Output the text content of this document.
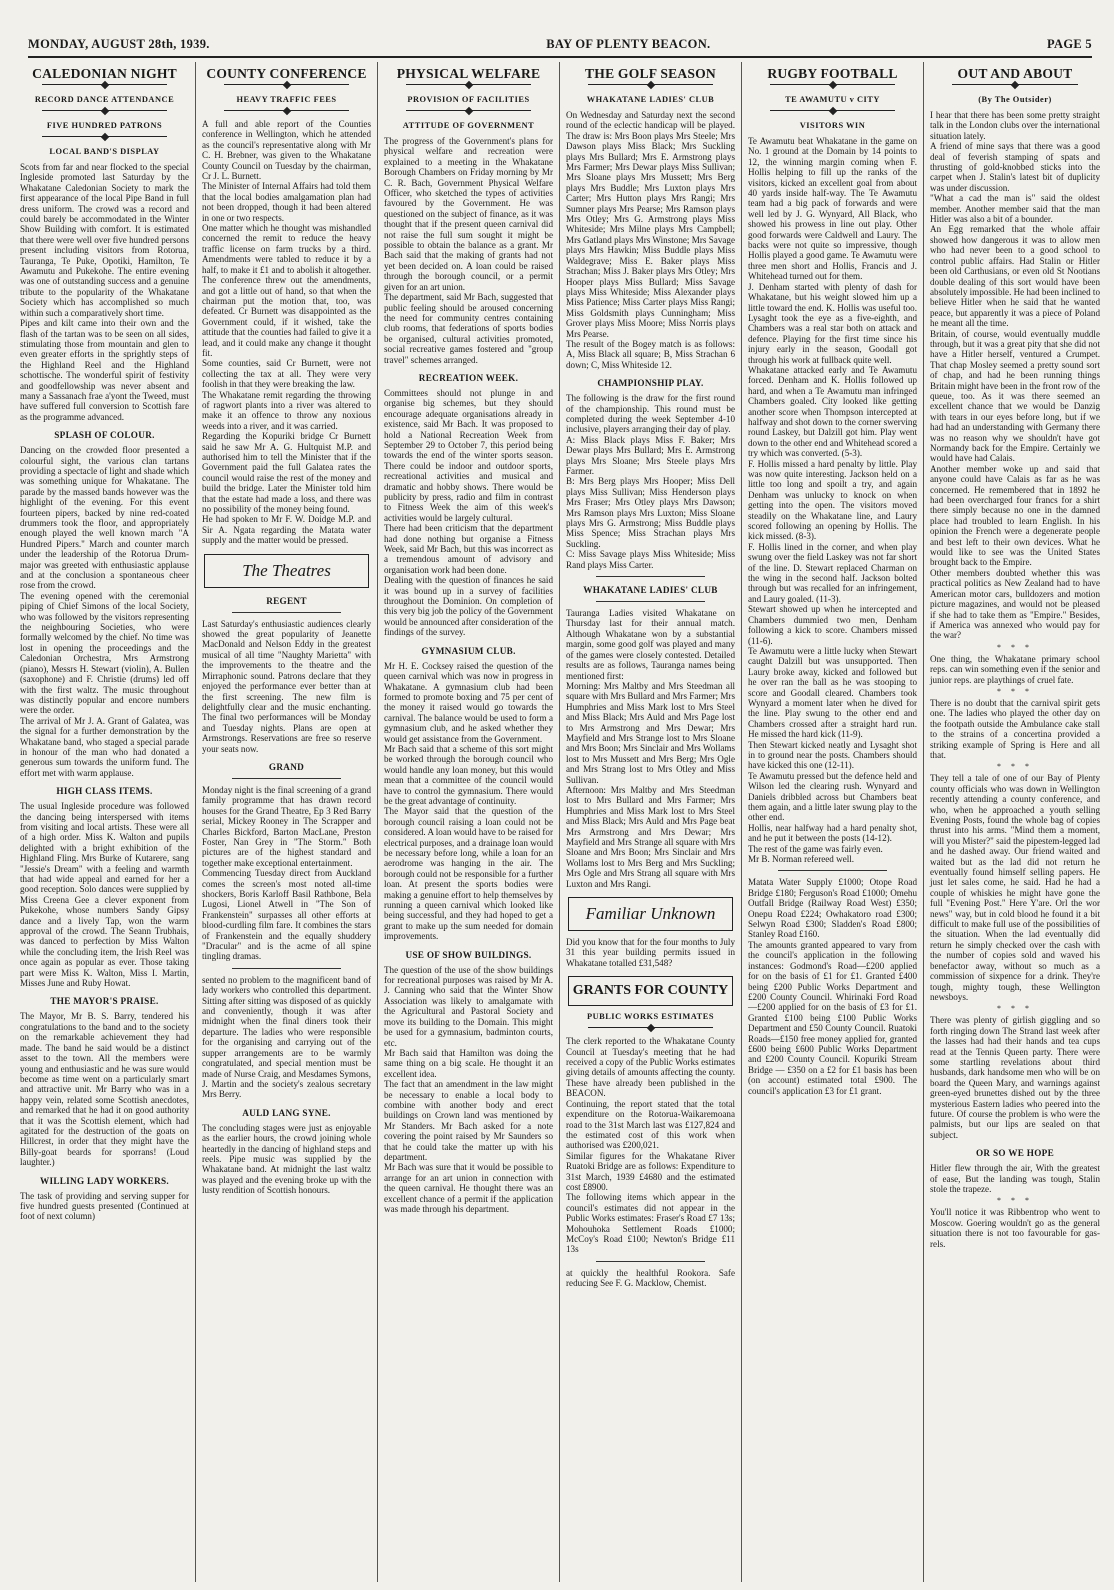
MONDAY, AUGUST 28th, 1939.	BAY OF PLENTY BEACON.	PAGE 5
CALEDONIAN NIGHT
RECORD DANCE ATTENDANCE
FIVE HUNDRED PATRONS
LOCAL BAND'S DISPLAY

Scots from far and near flocked to the special Ingleside promoted last Saturday by the Whakatane Caledonian Society to mark the first appearance of the local Pipe Band in full dress uniform. The crowd was a record and could barely be accommodated in the Winter Show Building with comfort. It is estimated that there were well over five hundred persons present including visitors from Rotorua, Tauranga, Te Puke, Opotiki, Hamilton, Te Awamutu and Pukekohe. The entire evening was one of outstanding success and a genuine tribute to the popularity of the Whakatane Society which has accomplished so much within such a comparatively short time.

Pipes and kilt came into their own and the flash of the tartan was to be seen on all sides, stimulating those from mountain and glen to even greater efforts in the sprightly steps of the Highland Reel and the Highland schottische. The wonderful spirit of festivity and goodfellowship was never absent and many a Sassanach frae a'yont the Tweed, must have suffered full conversion to Scottish fare as the programme advanced.

SPLASH OF COLOUR.

Dancing on the crowded floor presented a colourful sight, the various clan tartans providing a spectacle of light and shade which was something unique for Whakatane. The parade by the massed bands however was the highlight of the evening. For this event fourteen pipers, backed by nine red-coated drummers took the floor, and appropriately enough played the well known march "A Hundred Pipers." March and counter march under the leadership of the Rotorua Drum-major was greeted with enthusiastic applause and at the conclusion a spontaneous cheer rose from the crowd.

The evening opened with the ceremonial piping of Chief Simons of the local Society, who was followed by the visitors representing the neighbouring Societies, who were formally welcomed by the chief. No time was lost in opening the proceedings and the Caledonian Orchestra, Mrs Armstrong (piano), Messrs H. Stewart (violin), A. Bullen (saxophone) and F. Christie (drums) led off with the first waltz. The music throughout was distinctly popular and encore numbers were the order.

The arrival of Mr J. A. Grant of Galatea, was the signal for a further demonstration by the Whakatane band, who staged a special parade in honour of the man who had donated a generous sum towards the uniform fund. The effort met with warm applause.

HIGH CLASS ITEMS.

The usual Ingleside procedure was followed the dancing being interspersed with items from visiting and local artists. These were all of a high order. Miss K. Walton and pupils delighted with a bright exhibition of the Highland Fling. Mrs Burke of Kutarere, sang "Jessie's Dream" with a feeling and warmth that had wide appeal and earned for her a good reception. Solo dances were supplied by Miss Creena Gee a clever exponent from Pukekohe, whose numbers Sandy Gipsy dance and a lively Tap, won the warm approval of the crowd. The Seann Trubhais, was danced to perfection by Miss Walton while the concluding item, the Irish Reel was once again as popular as ever. Those taking part were Miss K. Walton, Miss I. Martin, Misses June and Ruby Howat.

THE MAYOR'S PRAISE.

The Mayor, Mr B. S. Barry, tendered his congratulations to the band and to the society on the remarkable achievement they had made. The band he said would be a distinct asset to the town. All the members were young and enthusiastic and he was sure would become as time went on a particularly smart and attractive unit. Mr Barry who was in a happy vein, related some Scottish anecdotes, and remarked that he had it on good authority that it was the Scottish element, which had agitated for the destruction of the goats on Hillcrest, in order that they might have the Billy-goat beards for sporrans! (Loud laughter.)

WILLING LADY WORKERS.

The task of providing and serving supper for five hundred guests presented (Continued at foot of next column)

COUNTY CONFERENCE
HEAVY TRAFFIC FEES

A full and able report of the Counties conference in Wellington, which he attended as the council's representative along with Mr C. H. Brebner, was given to the Whakatane County Council on Tuesday by the chairman, Cr J. L. Burnett.

The Minister of Internal Affairs had told them that the local bodies amalgamation plan had not been dropped, though it had been altered in one or two respects.

One matter which he thought was mishandled concerned the remit to reduce the heavy traffic license on farm trucks by a third. Amendments were tabled to reduce it by a half, to make it £1 and to abolish it altogether. The conference threw out the amendments, and got a little out of hand, so that when the chairman put the motion that, too, was defeated. Cr Burnett was disappointed as the Government could, if it wished, take the attitude that the counties had failed to give it a lead, and it could make any change it thought fit.

Some counties, said Cr Burnett, were not collecting the tax at all. They were very foolish in that they were breaking the law.

The Whakatane remit regarding the throwing of ragwort plants into a river was altered to make it an offence to throw any noxious weeds into a river, and it was carried.

Regarding the Kopuriki bridge Cr Burnett said he saw Mr A. G. Hultquist M.P. and authorised him to tell the Minister that if the Government paid the full Galatea rates the council would raise the rest of the money and build the bridge. Later the Minister told him that the estate had made a loss, and there was no possibility of the money being found.

He had spoken to Mr F. W. Doidge M.P. and Sir A. Ngata regarding the Matata water supply and the matter would be pressed.

The Theatres
REGENT

Last Saturday's enthusiastic audiences clearly showed the great popularity of Jeanette MacDonald and Nelson Eddy in the greatest musical of all time "Naughty Marietta" with the improvements to the theatre and the Mirraphonic sound. Patrons declare that they enjoyed the performance ever better than at the first screening. The new film is delightfully clear and the music enchanting. The final two performances will be Monday and Tuesday nights. Plans are open at Armstrongs. Reservations are free so reserve your seats now.

GRAND

Monday night is the final screening of a grand family programme that has drawn record houses for the Grand Theatre, Ep 3 Red Barry serial, Mickey Rooney in The Scrapper and Charles Bickford, Barton MacLane, Preston Foster, Nan Grey in "The Storm." Both pictures are of the highest standard and together make exceptional entertainment.

Commencing Tuesday direct from Auckland comes the screen's most noted all-time shockers, Boris Karloff Basil Rathbone, Bela Lugosi, Lionel Atwell in "The Son of Frankenstein" surpasses all other efforts at blood-curdling film fare. It combines the stars of Frankenstein and the equally shuddery "Dracular" and is the acme of all spine tingling dramas.

sented no problem to the magnificent band of lady workers who controlled this department. Sitting after sitting was disposed of as quickly and conveniently, though it was after midnight when the final diners took their departure. The ladies who were responsible for the organising and carrying out of the supper arrangements are to be warmly congratulated, and special mention must be made of Nurse Craig, and Mesdames Symons, J. Martin and the society's zealous secretary Mrs Berry.

AULD LANG SYNE.

The concluding stages were just as enjoyable as the earlier hours, the crowd joining whole heartedly in the dancing of highland steps and reels. Pipe music was supplied by the Whakatane band. At midnight the last waltz was played and the evening broke up with the lusty rendition of Scottish honours.

PHYSICAL WELFARE
PROVISION OF FACILITIES
ATTITUDE OF GOVERNMENT

The progress of the Government's plans for physical welfare and recreation were explained to a meeting in the Whakatane Borough Chambers on Friday morning by Mr C. R. Bach, Government Physical Welfare Officer, who sketched the types of activities favoured by the Government. He was questioned on the subject of finance, as it was thought that if the present queen carnival did not raise the full sum sought it might be possible to obtain the balance as a grant. Mr Bach said that the making of grants had not yet been decided on. A loan could be raised through the borough council, or a permit given for an art union.

The department, said Mr Bach, suggested that public feeling should be aroused concerning the need for community centres containing club rooms, that federations of sports bodies be organised, cultural activities promoted, social recreative games fostered and "group travel" schemes arranged.

RECREATION WEEK.

Committees should not plunge in and organise big schemes, but they should encourage adequate organisations already in existence, said Mr Bach. It was proposed to hold a National Recreation Week from September 29 to October 7, this period being towards the end of the winter sports season. There could be indoor and outdoor sports, recreational activities and musical and dramatic and hobby shows. There would be publicity by press, radio and film in contrast to Fitness Week the aim of this week's activities would be largely cultural.

There had been criticism that the department had done nothing but organise a Fitness Week, said Mr Bach, but this was incorrect as a tremendous amount of advisory and organisation work had been done.

Dealing with the question of finances he said it was bound up in a survey of facilities throughout the Dominion. On completion of this very big job the policy of the Government would be announced after consideration of the findings of the survey.

GYMNASIUM CLUB.

Mr H. E. Cocksey raised the question of the queen carnival which was now in progress in Whakatane. A gymnasium club had been formed to promote boxing and 75 per cent of the money it raised would go towards the carnival. The balance would be used to form a gymnasium club, and he asked whether they would get assistance from the Government.

Mr Bach said that a scheme of this sort might be worked through the borough council who would handle any loan money, but this would mean that a committee of the council would have to control the gymnasium. There would be the great advantage of continuity.

The Mayor said that the question of the borough council raising a loan could not be considered. A loan would have to be raised for electrical purposes, and a drainage loan would be necessary before long, while a loan for an aerodrome was hanging in the air. The borough could not be responsible for a further loan. At present the sports bodies were making a genuine effort to help themselves by running a queen carnival which looked like being successful, and they had hoped to get a grant to make up the sum needed for domain improvements.

USE OF SHOW BUILDINGS.

The question of the use of the show buildings for recreational purposes was raised by Mr A. J. Canning who said that the Winter Show Association was likely to amalgamate with the Agricultural and Pastoral Society and move its building to the Domain. This might be used for a gymnasium, badminton courts, etc.

Mr Bach said that Hamilton was doing the same thing on a big scale. He thought it an excellent idea.

The fact that an amendment in the law might be necessary to enable a local body to combine with another body and erect buildings on Crown land was mentioned by Mr Standers. Mr Bach asked for a note covering the point raised by Mr Saunders so that he could take the matter up with his department.

Mr Bach was sure that it would be possible to arrange for an art union in connection with the queen carnival. He thought there was an excellent chance of a permit if the application was made through his department.

THE GOLF SEASON
WHAKATANE LADIES' CLUB

On Wednesday and Saturday next the second round of the eclectic handicap will be played. The draw is: Mrs Boon plays Mrs Steele; Mrs Dawson plays Miss Black; Mrs Suckling plays Mrs Bullard; Mrs E. Armstrong plays Mrs Farmer; Mrs Dewar plays Miss Sullivan; Mrs Sloane plays Mrs Mussett; Mrs Berg plays Mrs Buddle; Mrs Luxton plays Mrs Carter; Mrs Hutton plays Mrs Rangi; Mrs Sumner plays Mrs Pearse; Mrs Ramson plays Mrs Otley; Mrs G. Armstrong plays Miss Whiteside; Mrs Milne plays Mrs Campbell; Mrs Gatland plays Mrs Winstone; Mrs Savage plays Mrs Hawkin; Miss Buddle plays Miss Waldegrave; Miss E. Baker plays Miss Strachan; Miss J. Baker plays Mrs Otley; Mrs Hooper plays Miss Bullard; Miss Savage plays Miss Whiteside; Miss Alexander plays Miss Patience; Miss Carter plays Miss Rangi; Miss Goldsmith plays Cunningham; Miss Grover plays Miss Moore; Miss Norris plays Mrs Pearse.

The result of the Bogey match is as follows: A, Miss Black all square; B, Miss Strachan 6 down; C, Miss Whiteside 12.

CHAMPIONSHIP PLAY.

The following is the draw for the first round of the championship. This round must be completed during the week September 4-10 inclusive, players arranging their day of play.

A: Miss Black plays Miss F. Baker; Mrs Dewar plays Mrs Bullard; Mrs E. Armstrong plays Mrs Sloane; Mrs Steele plays Mrs Farmer.

B: Mrs Berg plays Mrs Hooper; Miss Dell plays Miss Sullivan; Miss Henderson plays Mrs Fraser; Mrs Otley plays Mrs Dawson; Mrs Ramson plays Mrs Luxton; Miss Sloane plays Mrs G. Armstrong; Miss Buddle plays Miss Spence; Miss Strachan plays Mrs Suckling.

C: Miss Savage plays Miss Whiteside; Miss Rand plays Miss Carter.

WHAKATANE LADIES' CLUB

Tauranga Ladies visited Whakatane on Thursday last for their annual match. Although Whakatane won by a substantial margin, some good golf was played and many of the games were closely contested. Detailed results are as follows, Tauranga names being mentioned first:

Morning: Mrs Maltby and Mrs Steedman all square with Mrs Bullard and Mrs Farmer; Mrs Humphries and Miss Mark lost to Mrs Steel and Miss Black; Mrs Auld and Mrs Page lost to Mrs Armstrong and Mrs Dewar; Mrs Mayfield and Mrs Strange lost to Mrs Sloane and Mrs Boon; Mrs Sinclair and Mrs Wollams lost to Mrs Mussett and Mrs Berg; Mrs Ogle and Mrs Strang lost to Mrs Otley and Miss Sullivan.

Afternoon: Mrs Maltby and Mrs Steedman lost to Mrs Bullard and Mrs Farmer; Mrs Humphries and Miss Mark lost to Mrs Steel and Miss Black; Mrs Auld and Mrs Page beat Mrs Armstrong and Mrs Dewar; Mrs Mayfield and Mrs Strange all square with Mrs Sloane and Mrs Boon; Mrs Sinclair and Mrs Wollams lost to Mrs Berg and Mrs Suckling; Mrs Ogle and Mrs Strang all square with Mrs Luxton and Mrs Rangi.

Familiar Unknown

Did you know that for the four months to July 31 this year building permits issued in Whakatane totalled £31,548?

GRANTS FOR COUNTY
PUBLIC WORKS ESTIMATES

The clerk reported to the Whakatane County Council at Tuesday's meeting that he had received a copy of the Public Works estimates giving details of amounts affecting the county. These have already been published in the BEACON.

Continuing, the report stated that the total expenditure on the Rotorua-Waikaremoana road to the 31st March last was £127,824 and the estimated cost of this work when authorised was £200,021.

Similar figures for the Whakatane River Ruatoki Bridge are as follows: Expenditure to 31st March, 1939 £4680 and the estimated cost £8900.

The following items which appear in the council's estimates did not appear in the Public Works estimates: Fraser's Road £7 13s; Mohouhoka Settlement Roads £1000; McCoy's Road £100; Newton's Bridge £11 13s

at quickly the healthful Rookora. Safe reducing See F. G. Macklow, Chemist.

RUGBY FOOTBALL
TE AWAMUTU v CITY
VISITORS WIN

Te Awamutu beat Whakatane in the game on No. 1 ground at the Domain by 14 points to 12, the winning margin coming when F. Hollis helping to fill up the ranks of the visitors, kicked an excellent goal from about 40 yards inside half-way. The Te Awamutu team had a big pack of forwards and were well led by J. G. Wynyard, All Black, who showed his prowess in line out play. Other good forwards were Caldwell and Laury. The backs were not quite so impressive, though Hollis played a good game. Te Awamutu were three men short and Hollis, Francis and J. Whitehead turned out for them.

J. Denham started with plenty of dash for Whakatane, but his weight slowed him up a little toward the end. K. Hollis was useful too. Lysaght took the eye as a five-eighth, and Chambers was a real star both on attack and defence. Playing for the first time since his injury early in the season, Goodall got through his work at fullback quite well.

Whakatane attacked early and Te Awamutu forced. Denham and K. Hollis followed up hard, and when a Te Awamutu man infringed Chambers goaled. City looked like getting another score when Thompson intercepted at halfway and shot down to the corner swerving round Laskey, but Dalzill got him. Play went down to the other end and Whitehead scored a try which was converted. (5-3).

F. Hollis missed a hard penalty by little. Play was now quite interesting. Jackson held on a little too long and spoilt a try, and again Denham was unlucky to knock on when getting into the open. The visitors moved steadily on the Whakatane line, and Laury scored following an opening by Hollis. The kick missed. (8-3).

F. Hollis lined in the corner, and when play swung over the field Laskey was not far short of the line. D. Stewart replaced Charman on the wing in the second half. Jackson bolted through but was recalled for an infringement, and Laury goaled. (11-3).

Stewart showed up when he intercepted and Chambers dummied two men, Denham following a kick to score. Chambers missed (11-6).

Te Awamutu were a little lucky when Stewart caught Dalzill but was unsupported. Then Laury broke away, kicked and followed but he over ran the ball as he was stooping to score and Goodall cleared. Chambers took Wynyard a moment later when he dived for the line. Play swung to the other end and Chambers crossed after a straight hard run. He missed the hard kick (11-9).

Then Stewart kicked neatly and Lysaght shot in to ground near the posts. Chambers should have kicked this one (12-11).

Te Awamutu pressed but the defence held and Wilson led the clearing rush. Wynyard and Daniels dribbled across but Chambers beat them again, and a little later swung play to the other end.

Hollis, near halfway had a hard penalty shot, and he put it between the posts (14-12).

The rest of the game was fairly even.

Mr B. Norman refereed well.

Matata Water Supply £1000; Otope Road Bridge £180; Ferguson's Road £1000; Omehu Outfall Bridge (Railway Road West) £350; Onepu Road £224; Owhakatoro road £300; Selwyn Road £300; Sladden's Road £800; Stanley Road £160.

The amounts granted appeared to vary from the council's application in the following instances: Godmond's Road—£200 applied for on the basis of £1 for £1. Granted £400 being £200 Public Works Department and £200 County Council. Whirinaki Ford Road—£200 applied for on the basis of £3 for £1. Granted £100 being £100 Public Works Department and £50 County Council. Ruatoki Roads—£150 free money applied for, granted £600 being £600 Public Works Department and £200 County Council. Kopuriki Stream Bridge — £350 on a £2 for £1 basis has been (on account) estimated total £900. The council's application £3 for £1 grant.

OUT AND ABOUT
(By The Outsider)

I hear that there has been some pretty straight talk in the London clubs over the international situation lately.

A friend of mine says that there was a good deal of feverish stamping of spats and thrusting of gold-knobbed sticks into the carpet when J. Stalin's latest bit of duplicity was under discussion.

"What a cad the man is" said the oldest member. Another member said that the man Hitler was also a bit of a bounder.

An Egg remarked that the whole affair showed how dangerous it was to allow men who had never been to a good school to control public affairs. Had Stalin or Hitler been old Carthusians, or even old St Nootians double dealing of this sort would have been absolutely impossible. He had been inclined to believe Hitler when he said that he wanted peace, but apparently it was a piece of Poland he meant all the time.

Britain, of course, would eventually muddle through, but it was a great pity that she did not have a Hitler herself, ventured a Crumpet. That chap Mosley seemed a pretty sound sort of chap, and had he been running things Britain might have been in the front row of the queue, too. As it was there seemed an excellent chance that we would be Danzig with tears in our eyes before long, but if we had had an understanding with Germany there was no reason why we shouldn't have got Normandy back for the Empire. Certainly we would have had Calais.

Another member woke up and said that anyone could have Calais as far as he was concerned. He remembered that in 1892 he had been overcharged four francs for a shirt there simply because no one in the damned place had troubled to learn English. In his opinion the French were a degenerate people and best left to their own devices. What he would like to see was the United States brought back to the Empire.

Other members doubted whether this was practical politics as New Zealand had to have American motor cars, bulldozers and motion picture magazines, and would not be pleased if she had to take them as "Empire." Besides, if America was annexed who would pay for the war?

* * *

One thing, the Whakatane primary school reps. can win something even if the senior and junior reps. are playthings of cruel fate.

* * *

There is no doubt that the carnival spirit gets one. The ladies who played the other day on the footpath outside the Ambulance cake stall to the strains of a concertina provided a striking example of Spring is Here and all that.

* * *

They tell a tale of one of our Bay of Plenty county officials who was down in Wellington recently attending a county conference, and who, when he approached a youth selling Evening Posts, found the whole bag of copies thrust into his arms. "Mind them a moment, will you Mister?" said the pipestem-legged lad and he dashed away. Our friend waited and waited but as the lad did not return he eventually found himself selling papers. He just let sales come, he said. Had he had a couple of whiskies he might have gone the full "Evening Post." Here Y'are. Orl the wor news" way, but in cold blood he found it a bit difficult to make full use of the possibilities of the situation. When the lad eventually did return he simply checked over the cash with the number of copies sold and waved his benefactor away, without so much as a commission of sixpence for a drink. They're tough, mighty tough, these Wellington newsboys.

* * *

There was plenty of girlish giggling and so forth ringing down The Strand last week after the lasses had had their hands and tea cups read at the Tennis Queen party. There were some startling revelations about third husbands, dark handsome men who will be on board the Queen Mary, and warnings against green-eyed brunettes dished out by the three mysterious Eastern ladies who peered into the future. Of course the problem is who were the palmists, but our lips are sealed on that subject.

OR SO WE HOPE

Hitler flew through the air, With the greatest of ease, But the landing was tough, Stalin stole the trapeze.

* * *

You'll notice it was Ribbentrop who went to Moscow. Goering wouldn't go as the general situation there is not too favourable for gas-rels.
